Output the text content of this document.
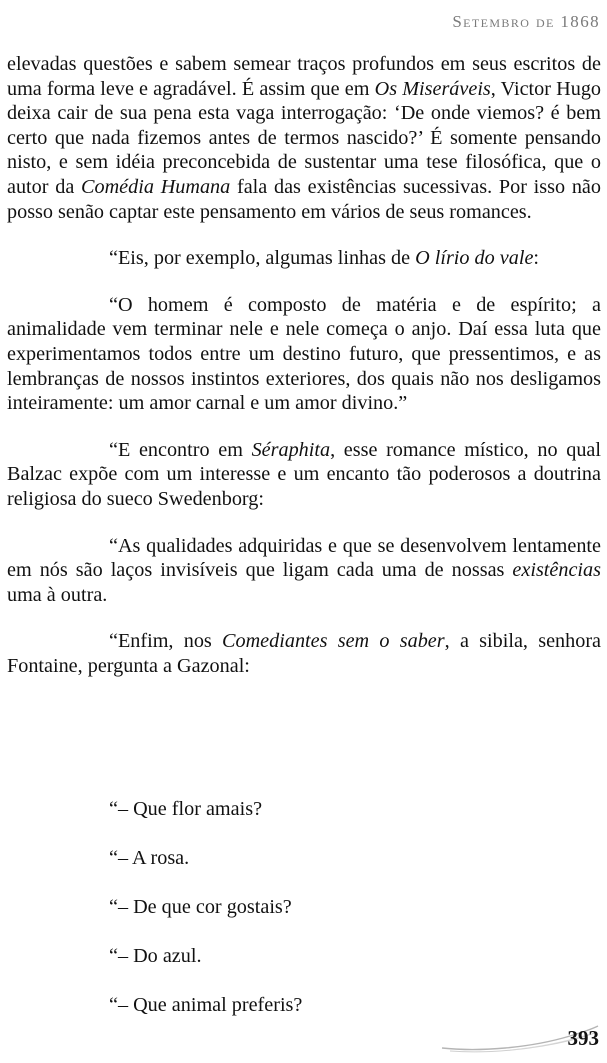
Setembro de 1868

elevadas questões e sabem semear traços profundos em seus escritos de uma forma leve e agradável. É assim que em Os Miseráveis, Victor Hugo deixa cair de sua pena esta vaga interrogação: ‘De onde viemos? é bem certo que nada fizemos antes de termos nascido?’ É somente pensando nisto, e sem idéia preconcebida de sustentar uma tese filosófica, que o autor da Comédia Humana fala das existências sucessivas. Por isso não posso senão captar este pensamento em vários de seus romances.

“Eis, por exemplo, algumas linhas de O lírio do vale:

“O homem é composto de matéria e de espírito; a animalidade vem terminar nele e nele começa o anjo. Daí essa luta que experimentamos todos entre um destino futuro, que pressentimos, e as lembranças de nossos instintos exteriores, dos quais não nos desligamos inteiramente: um amor carnal e um amor divino.”

“E encontro em Séraphita, esse romance místico, no qual Balzac expõe com um interesse e um encanto tão poderosos a doutrina religiosa do sueco Swedenborg:

“As qualidades adquiridas e que se desenvolvem lentamente em nós são laços invisíveis que ligam cada uma de nossas existências uma à outra.

“Enfim, nos Comediantes sem o saber, a sibila, senhora Fontaine, pergunta a Gazonal:

“– Que flor amais?

“– A rosa.

“– De que cor gostais?

“– Do azul.

“– Que animal preferis?

393
